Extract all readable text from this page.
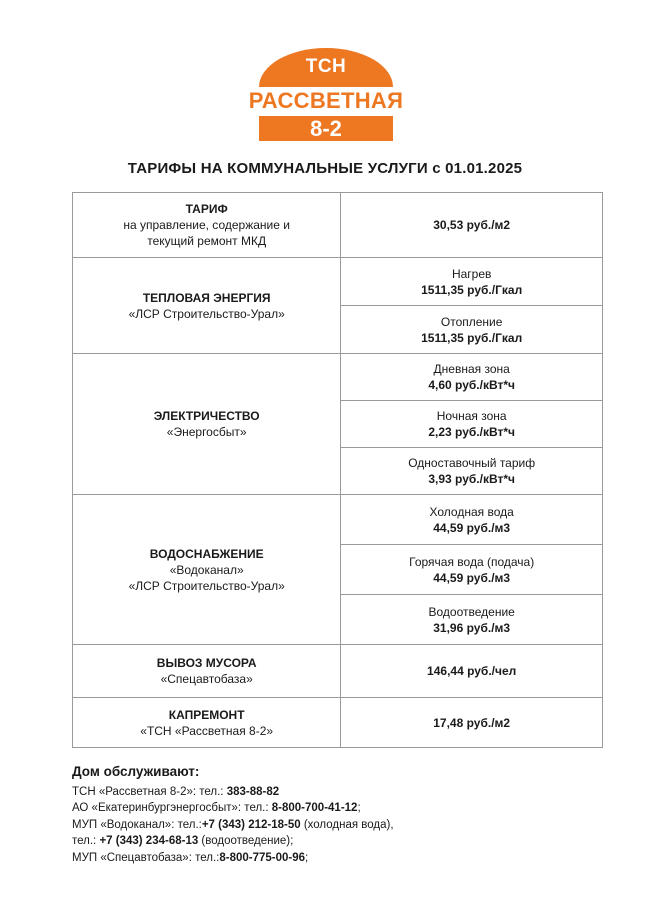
ТСН
РАССВЕТНАЯ
8-2
ТАРИФЫ НА КОММУНАЛЬНЫЕ УСЛУГИ с 01.01.2025
ТАРИФ
на управление, содержание и
текущий ремонт МКД	30,53 руб./м2

ТЕПЛОВАЯ ЭНЕРГИЯ
«ЛСР Строительство-Урал»	Нагрев
1511,35 руб./Гкал

	Отопление
1511,35 руб./Гкал

ЭЛЕКТРИЧЕСТВО
«Энергосбыт»	Дневная зона
4,60 руб./кВт*ч

	Ночная зона
2,23 руб./кВт*ч

	Одноставочный тариф
3,93 руб./кВт*ч

ВОДОСНАБЖЕНИЕ
«Водоканал»
«ЛСР Строительство-Урал»	Холодная вода
44,59 руб./м3

	Горячая вода (подача)
44,59 руб./м3

	Водоотведение
31,96 руб./м3

ВЫВОЗ МУСОРА
«Спецавтобаза»	146,44 руб./чел

КАПРЕМОНТ
«ТСН «Рассветная 8-2»	17,48 руб./м2
Дом обслуживают:
ТСН «Рассветная 8-2»: тел.: 383-88-82
АО «Екатеринбургэнергосбыт»: тел.: 8-800-700-41-12;
МУП «Водоканал»: тел.:+7 (343) 212-18-50 (холодная вода),
тел.: +7 (343) 234-68-13 (водоотведение);
МУП «Спецавтобаза»: тел.:8-800-775-00-96;
